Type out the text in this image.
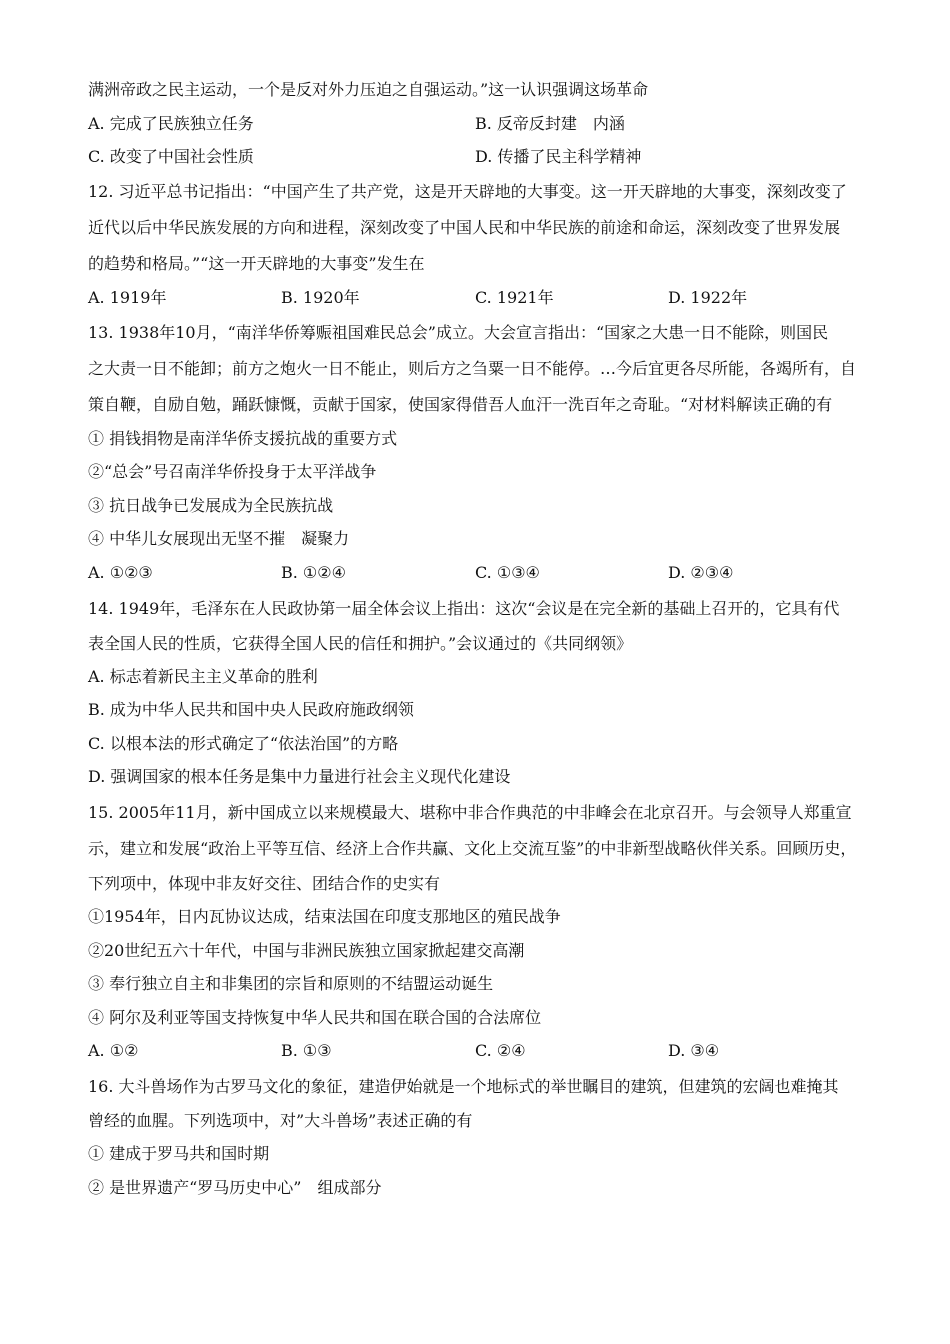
满洲帝政之民主运动，一个是反对外力压迫之自强运动。”这一认识强调这场革命
A. 完成了民族独立任务	B. 反帝反封建　内涵
C. 改变了中国社会性质	D. 传播了民主科学精神
12. 习近平总书记指出：“中国产生了共产党，这是开天辟地的大事变。这一开天辟地的大事变，深刻改变了
近代以后中华民族发展的方向和进程，深刻改变了中国人民和中华民族的前途和命运，深刻改变了世界发展
的趋势和格局。”“这一开天辟地的大事变”发生在
A. 1919年	B. 1920年	C. 1921年	D. 1922年
13. 1938年10月，“南洋华侨筹赈祖国难民总会”成立。大会宣言指出：“国家之大患一日不能除，则国民
之大责一日不能卸；前方之炮火一日不能止，则后方之刍粟一日不能停。…今后宜更各尽所能，各竭所有，自
策自鞭，自励自勉，踊跃慷慨，贡献于国家，使国家得借吾人血汗一洗百年之奇耻。“对材料解读正确的有
① 捐钱捐物是南洋华侨支援抗战的重要方式
②“总会”号召南洋华侨投身于太平洋战争
③ 抗日战争已发展成为全民族抗战
④ 中华儿女展现出无坚不摧　凝聚力
A. ①②③	B. ①②④	C. ①③④	D. ②③④
14. 1949年，毛泽东在人民政协第一届全体会议上指出：这次“会议是在完全新的基础上召开的，它具有代
表全国人民的性质，它获得全国人民的信任和拥护。”会议通过的《共同纲领》
A. 标志着新民主主义革命的胜利
B. 成为中华人民共和国中央人民政府施政纲领
C. 以根本法的形式确定了“依法治国”的方略
D. 强调国家的根本任务是集中力量进行社会主义现代化建设
15. 2005年11月，新中国成立以来规模最大、堪称中非合作典范的中非峰会在北京召开。与会领导人郑重宣
示，建立和发展“政治上平等互信、经济上合作共赢、文化上交流互鉴”的中非新型战略伙伴关系。回顾历史，
下列项中，体现中非友好交往、团结合作的史实有
①1954年，日内瓦协议达成，结束法国在印度支那地区的殖民战争
②20世纪五六十年代，中国与非洲民族独立国家掀起建交高潮
③ 奉行独立自主和非集团的宗旨和原则的不结盟运动诞生
④ 阿尔及利亚等国支持恢复中华人民共和国在联合国的合法席位
A. ①②	B. ①③	C. ②④	D. ③④
16. 大斗兽场作为古罗马文化的象征，建造伊始就是一个地标式的举世瞩目的建筑，但建筑的宏阔也难掩其
曾经的血腥。下列选项中，对”大斗兽场”表述正确的有
① 建成于罗马共和国时期
② 是世界遗产“罗马历史中心”　组成部分
